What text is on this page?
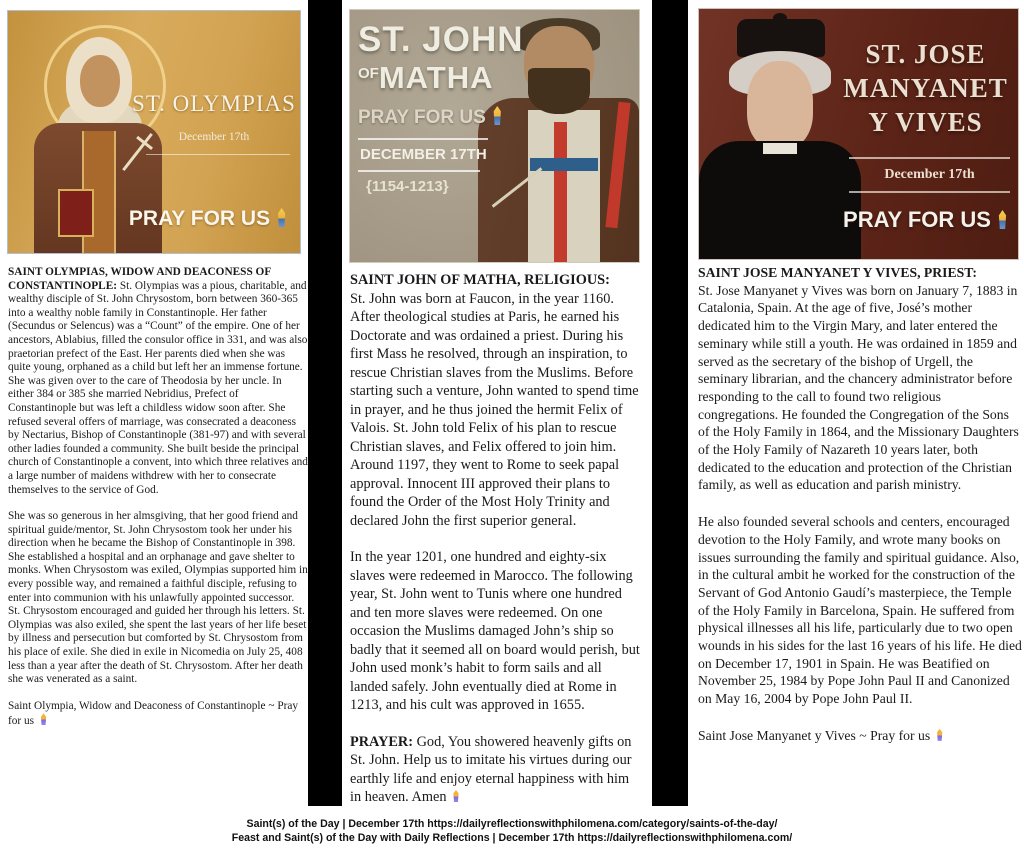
ST. OLYMPIAS
December 17th
PRAY FOR US
ST. JOHN
$^{OF}$MATHA
PRAY FOR US
DECEMBER 17TH
{1154-1213}
ST. JOSE
MANYANET
Y VIVES
December 17th
PRAY FOR US

SAINT OLYMPIAS, WIDOW AND DEACONESS OF CONSTANTINOPLE: St. Olympias was a pious, charitable, and wealthy disciple of St. John Chrysostom, born between 360-365 into a wealthy noble family in Constantinople. Her father (Secundus or Selencus) was a “Count” of the empire. One of her ancestors, Ablabius, filled the consulor office in 331, and was also praetorian prefect of the East. Her parents died when she was quite young, orphaned as a child but left her an immense fortune. She was given over to the care of Theodosia by her uncle. In either 384 or 385 she married Nebridius, Prefect of Constantinople but was left a childless widow soon after. She refused several offers of marriage, was consecrated a deaconess by Nectarius, Bishop of Constantinople (381-97) and with several other ladies founded a community. She built beside the principal church of Constantinople a convent, into which three relatives and a large number of maidens withdrew with her to consecrate themselves to the service of God.

She was so generous in her almsgiving, that her good friend and spiritual guide/mentor, St. John Chrysostom took her under his direction when he became the Bishop of Constantinople in 398. She established a hospital and an orphanage and gave shelter to monks. When Chrysostom was exiled, Olympias supported him in every possible way, and remained a faithful disciple, refusing to enter into communion with his unlawfully appointed successor. St. Chrysostom encouraged and guided her through his letters. St. Olympias was also exiled, she spent the last years of her life beset by illness and persecution but comforted by St. Chrysostom from his place of exile. She died in exile in Nicomedia on July 25, 408 less than a year after the death of St. Chrysostom. After her death she was venerated as a saint.

Saint Olympia, Widow and Deaconess of Constantinople ~ Pray for us

SAINT JOHN OF MATHA, RELIGIOUS:
St. John was born at Faucon, in the year 1160. After theological studies at Paris, he earned his Doctorate and was ordained a priest. During his first Mass he resolved, through an inspiration, to rescue Christian slaves from the Muslims. Before starting such a venture, John wanted to spend time in prayer, and he thus joined the hermit Felix of Valois. St. John told Felix of his plan to rescue Christian slaves, and Felix offered to join him. Around 1197, they went to Rome to seek papal approval. Innocent III approved their plans to found the Order of the Most Holy Trinity and declared John the first superior general.

In the year 1201, one hundred and eighty-six slaves were redeemed in Marocco. The following year, St. John went to Tunis where one hundred and ten more slaves were redeemed. On one occasion the Muslims damaged John’s ship so badly that it seemed all on board would perish, but John used monk’s habit to form sails and all landed safely. John eventually died at Rome in 1213, and his cult was approved in 1655.

PRAYER: God, You showered heavenly gifts on St. John. Help us to imitate his virtues during our earthly life and enjoy eternal happiness with him in heaven. Amen

SAINT JOSE MANYANET Y VIVES, PRIEST:
St. Jose Manyanet y Vives was born on January 7, 1883 in Catalonia, Spain. At the age of five, José’s mother dedicated him to the Virgin Mary, and later entered the seminary while still a youth. He was ordained in 1859 and served as the secretary of the bishop of Urgell, the seminary librarian, and the chancery administrator before responding to the call to found two religious congregations. He founded the Congregation of the Sons of the Holy Family in 1864, and the Missionary Daughters of the Holy Family of Nazareth 10 years later, both dedicated to the education and protection of the Christian family, as well as education and parish ministry.

He also founded several schools and centers, encouraged devotion to the Holy Family, and wrote many books on issues surrounding the family and spiritual guidance. Also, in the cultural ambit he worked for the construction of the Servant of God Antonio Gaudí’s masterpiece, the Temple of the Holy Family in Barcelona, Spain. He suffered from physical illnesses all his life, particularly due to two open wounds in his sides for the last 16 years of his life. He died on December 17, 1901 in Spain. He was Beatified on November 25, 1984 by Pope John Paul II and Canonized on May 16, 2004 by Pope John Paul II.

Saint Jose Manyanet y Vives ~ Pray for us

Saint(s) of the Day | December 17th https://dailyreflectionswithphilomena.com/category/saints-of-the-day/
Feast and Saint(s) of the Day with Daily Reflections | December 17th https://dailyreflectionswithphilomena.com/
